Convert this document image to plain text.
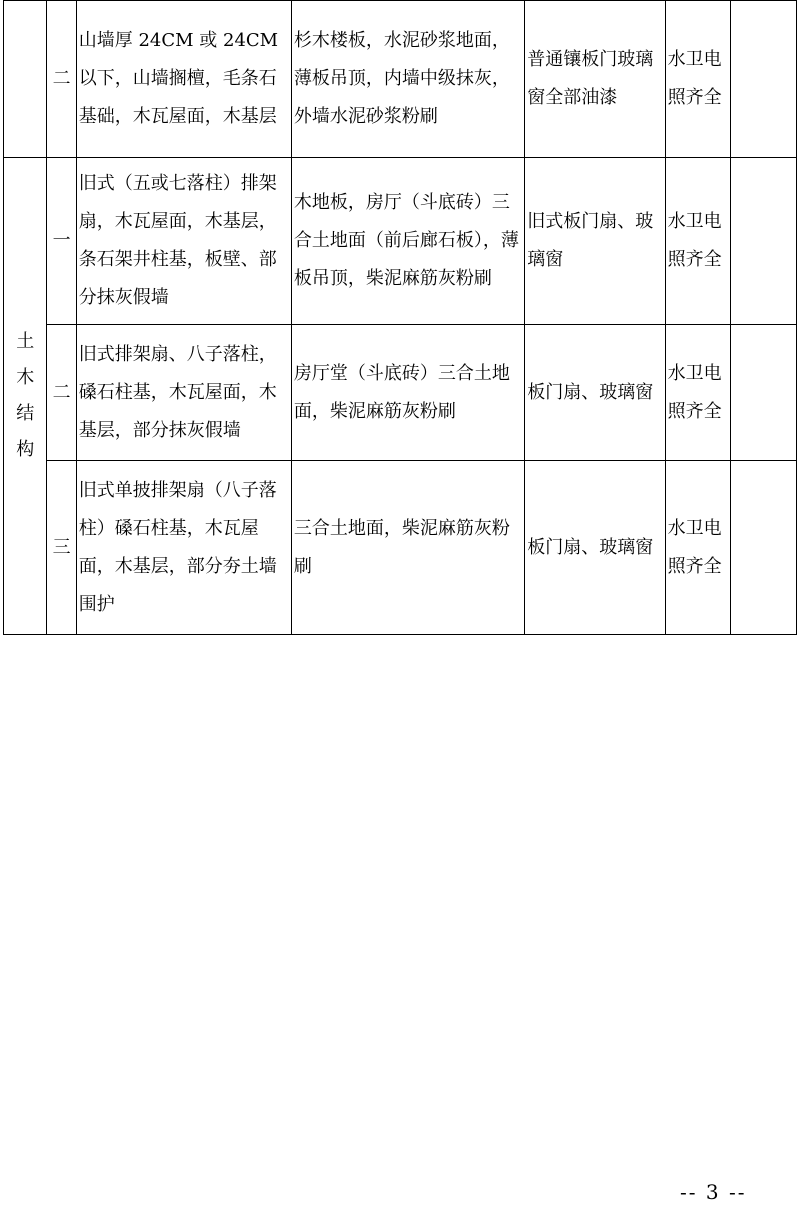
	二	山墙厚 24CM 或 24CM 以下，山墙搁檀，毛条石基础，木瓦屋面，木基层	杉木楼板，水泥砂浆地面，薄板吊顶，内墙中级抹灰，外墙水泥砂浆粉刷	普通镶板门玻璃窗全部油漆	水卫电照齐全	
土木结构	一	旧式（五或七落柱）排架扇，木瓦屋面，木基层，条石架井柱基，板壁、部分抹灰假墙	木地板，房厅（斗底砖）三合土地面（前后廊石板），薄板吊顶，柴泥麻筋灰粉刷	旧式板门扇、玻璃窗	水卫电照齐全	
	二	旧式排架扇、八子落柱，磉石柱基，木瓦屋面，木基层，部分抹灰假墙	房厅堂（斗底砖）三合土地面，柴泥麻筋灰粉刷	板门扇、玻璃窗	水卫电照齐全	
	三	旧式单披排架扇（八子落柱）磉石柱基，木瓦屋面，木基层，部分夯土墙围护	三合土地面，柴泥麻筋灰粉刷	板门扇、玻璃窗	水卫电照齐全	
-- 3 --
